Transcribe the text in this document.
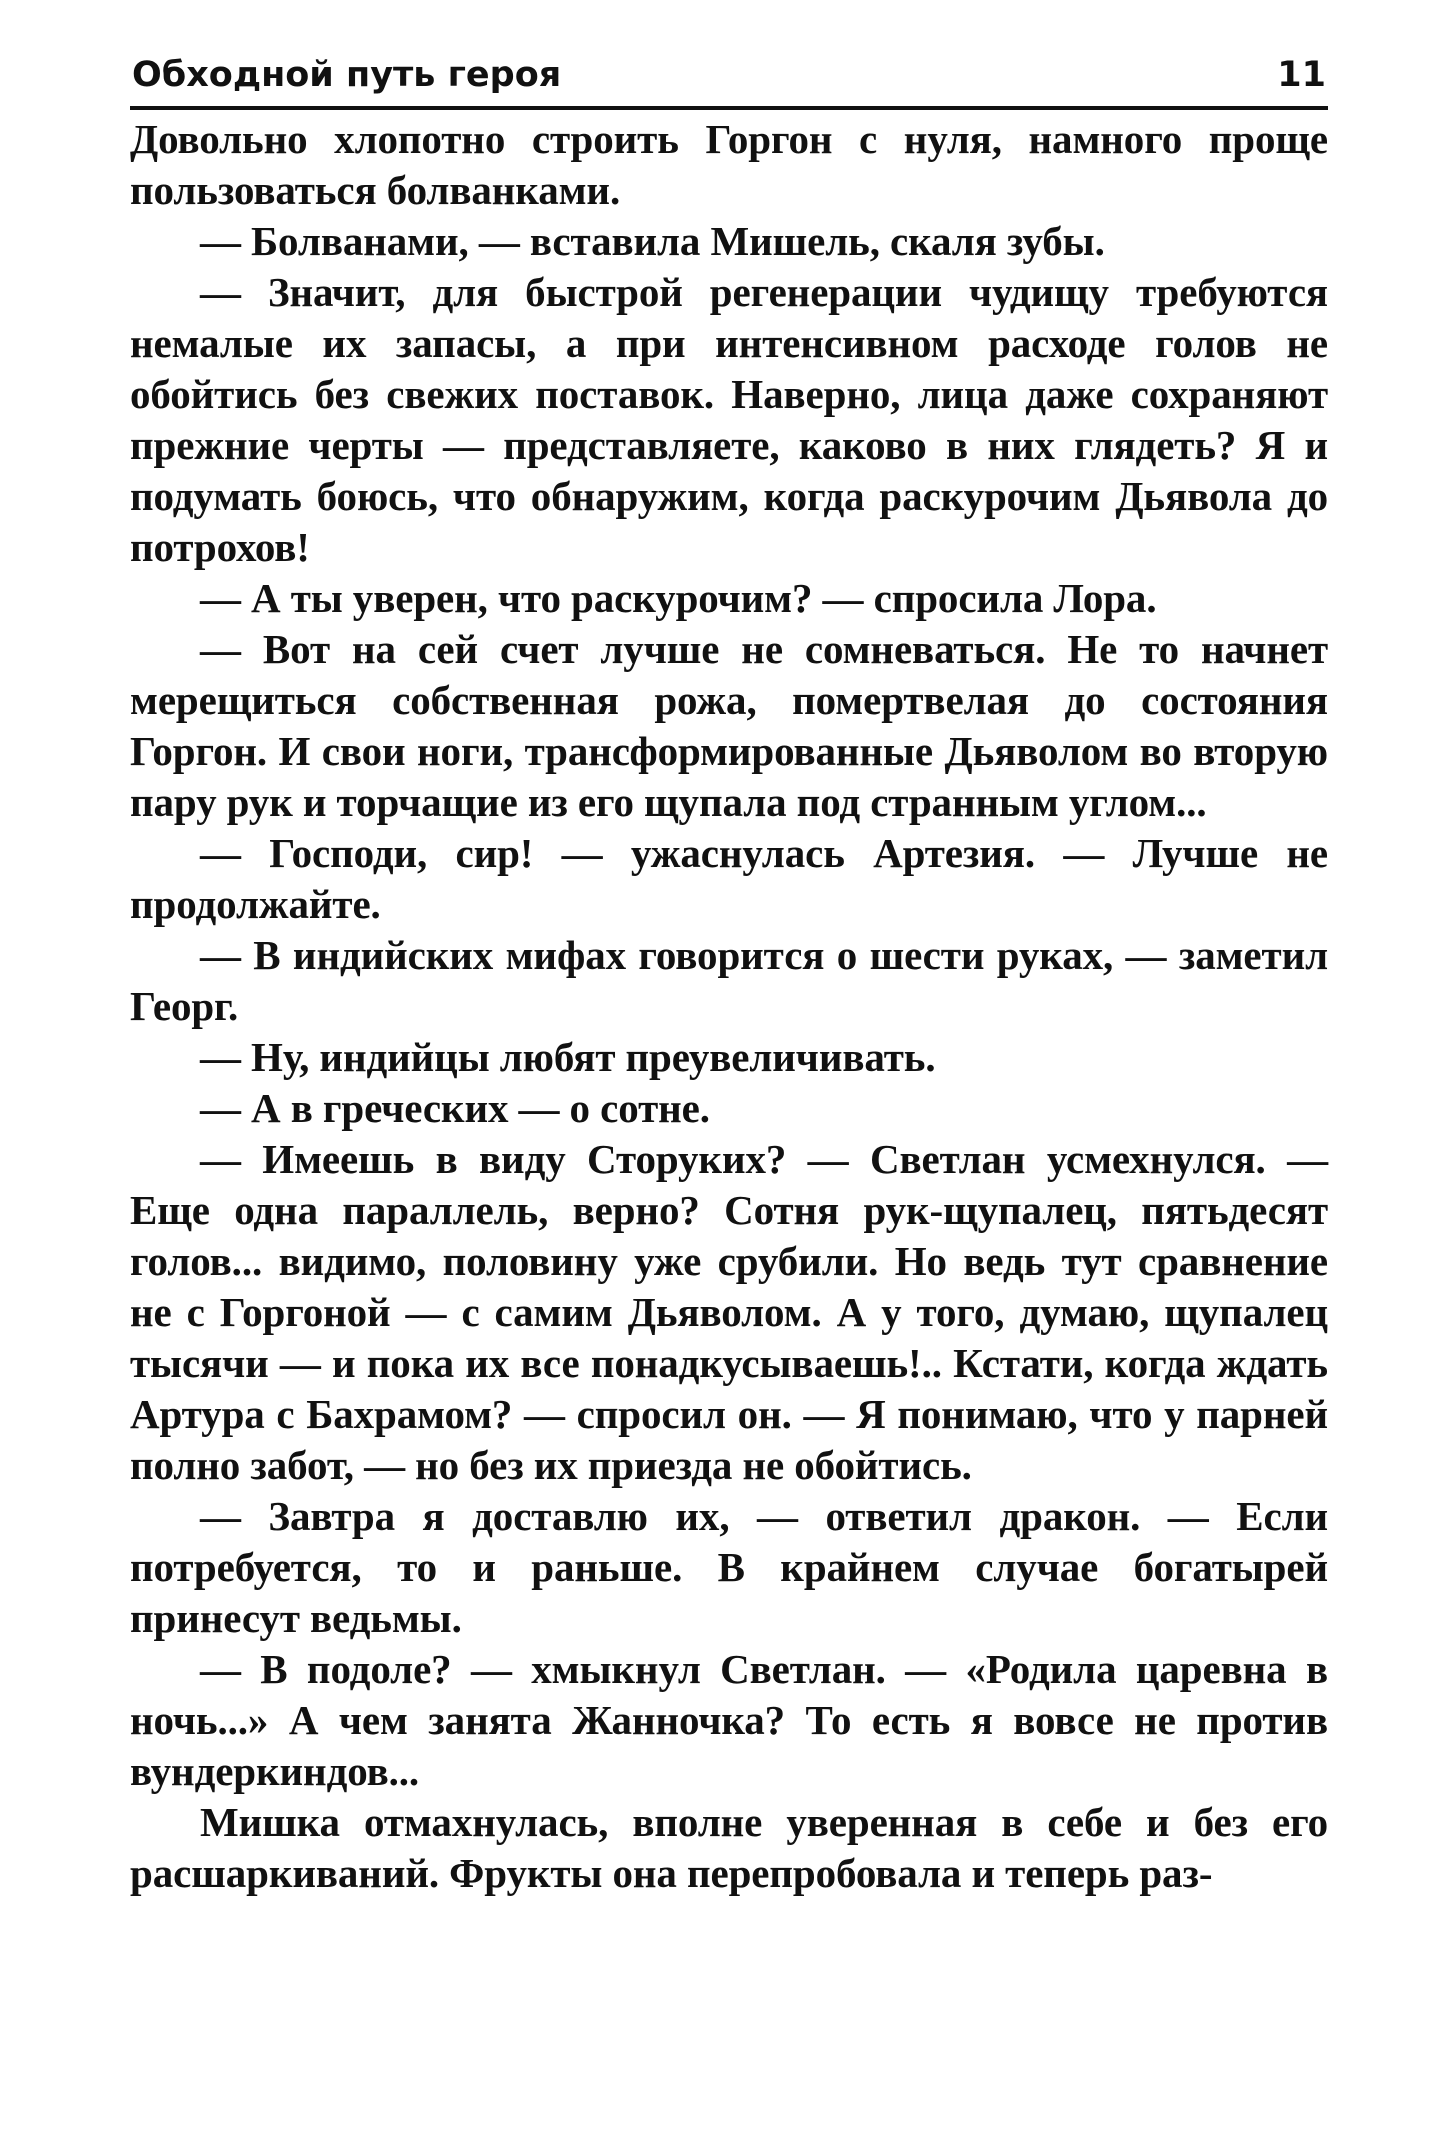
Обходной путь героя	11

Довольно хлопотно строить Горгон с нуля, намного проще пользоваться болванками.

— Болванами, — вставила Мишель, скаля зубы.

— Значит, для быстрой регенерации чудищу требуются немалые их запасы, а при интенсивном расходе голов не обойтись без свежих поставок. Наверно, лица даже сохраняют прежние черты — представляете, каково в них глядеть? Я и подумать боюсь, что обнаружим, когда раскурочим Дьявола до потрохов!

— А ты уверен, что раскурочим? — спросила Лора.

— Вот на сей счет лучше не сомневаться. Не то начнет мерещиться собственная рожа, помертвелая до состояния Горгон. И свои ноги, трансформированные Дьяволом во вторую пару рук и торчащие из его щупала под странным углом...

— Господи, сир! — ужаснулась Артезия. — Лучше не продолжайте.

— В индийских мифах говорится о шести руках, — заметил Георг.

— Ну, индийцы любят преувеличивать.

— А в греческих — о сотне.

— Имеешь в виду Сторуких? — Светлан усмехнулся. — Еще одна параллель, верно? Сотня рук-щупалец, пятьдесят голов... видимо, половину уже срубили. Но ведь тут сравнение не с Горгоной — с самим Дьяволом. А у того, думаю, щупалец тысячи — и пока их все понадкусываешь!.. Кстати, когда ждать Артура с Бахрамом? — спросил он. — Я понимаю, что у парней полно забот, — но без их приезда не обойтись.

— Завтра я доставлю их, — ответил дракон. — Если потребуется, то и раньше. В крайнем случае богатырей принесут ведьмы.

— В подоле? — хмыкнул Светлан. — «Родила царевна в ночь...» А чем занята Жанночка? То есть я вовсе не против вундеркиндов...

Мишка отмахнулась, вполне уверенная в себе и без его расшаркиваний. Фрукты она перепробовала и теперь раз-
